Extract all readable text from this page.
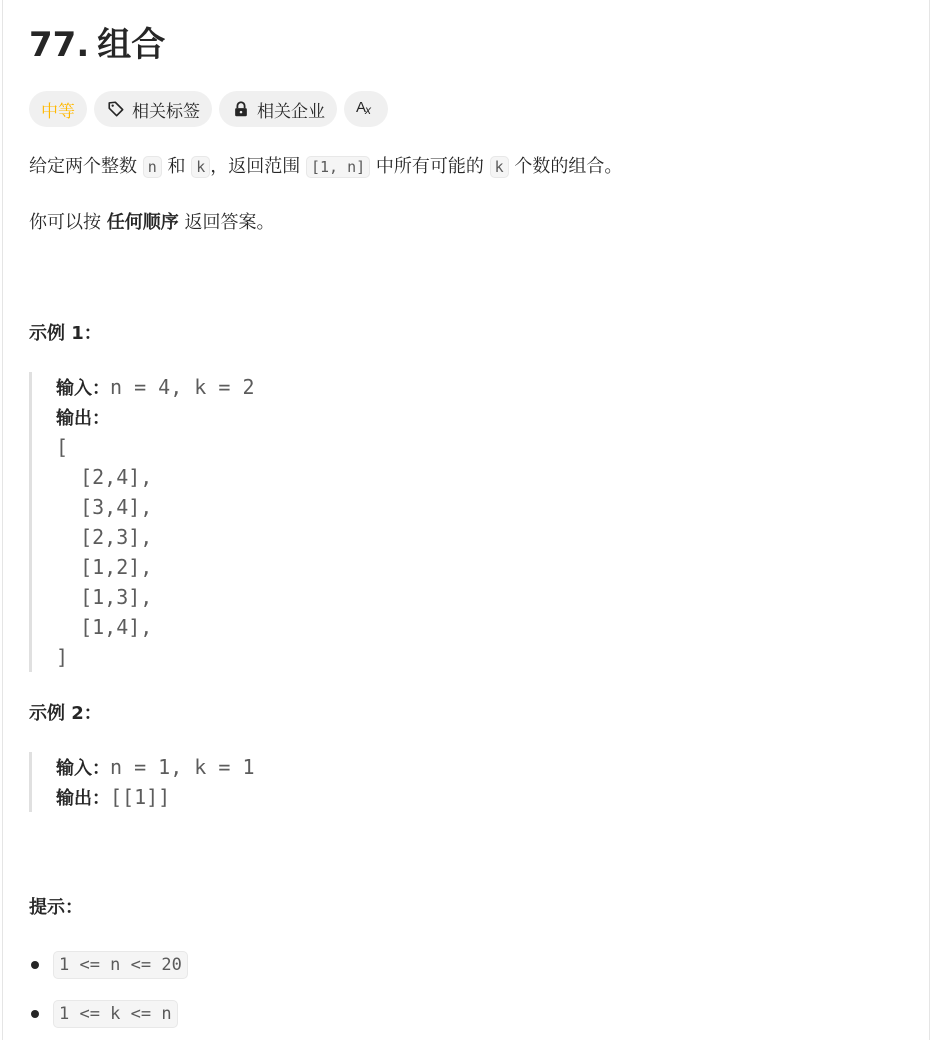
77. 组合
中等	相关标签	相关企业 A
x
给定两个整数 n 和 k ，返回范围 [1, n] 中所有可能的 k 个数的组合。
你可以按 任何顺序 返回答案。
示例 1：
输入：n = 4, k = 2
输出：
[
[2,4],
[3,4],
[2,3],
[1,2],
[1,3],
[1,4],
]
示例 2：
输入：n = 1, k = 1
输出：[[1]]
提示：
1 <= n <= 20
1 <= k <= n
